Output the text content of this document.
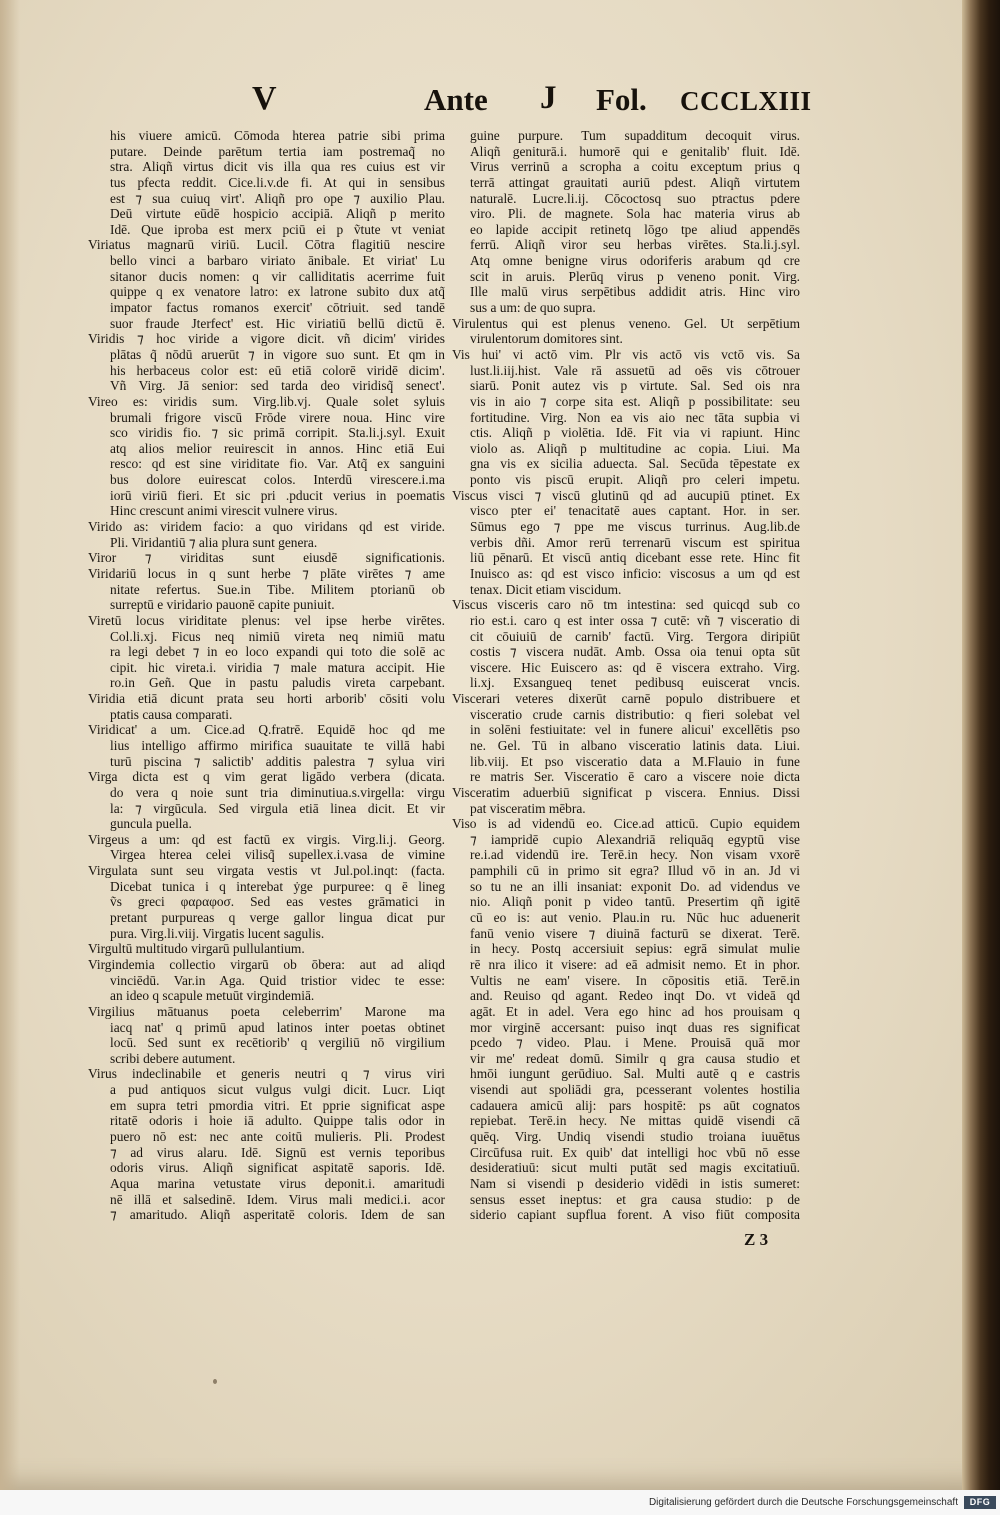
V	Ante J Fol. CCCLXIII
his viuere amicū. Cōmoda hterea patrie sibi prima
putare. Deinde parētum tertia iam postremaq̃ no
stra. Aliqñ virtus dicit vis illa qua res cuius est vir
tus pfecta reddit. Cice.li.v.de fi. At qui in sensibus
est ⁊ sua cuiuq virt'. Aliqñ pro ope ⁊ auxilio Plau.
Deū virtute eūdē hospicio accipiā. Aliqñ p merito
Idē. Que iproba est merx pciū ei p ṽtute vt veniat
Viriatus magnarū viriū. Lucil. Cōtra flagitiū nescire
bello vinci a barbaro viriato ānibale. Et viriat' Lu
sitanor ducis nomen: q vir calliditatis acerrime fuit
quippe q ex venatore latro: ex latrone subito dux atq̃
impator factus romanos exercit' cōtriuit. sed tandē
suor fraude Jterfect' est. Hic viriatiū bellū dictū ē.
Viridis ⁊ hoc viride a vigore dicit. vñ dicim' virides
plātas q̃ nōdū aruerūt ⁊ in vigore suo sunt. Et qm in
his herbaceus color est: eū etiā colorē viridē dicim'.
Vñ Virg. Jā senior: sed tarda deo viridisq̃ senect'.
Vireo es: viridis sum. Virg.lib.vj. Quale solet syluis
brumali frigore viscū Frōde virere noua. Hinc vire
sco viridis fio. ⁊ sic primā corripit. Sta.li.j.syl. Exuit
atq alios melior reuirescit in annos. Hinc etiā Eui
resco: qd est sine viriditate fio. Var. Atq̃ ex sanguini
bus dolore euirescat colos. Interdū virescere.i.ma
iorū viriū fieri. Et sic pri .pducit verius in poematis
Hinc crescunt animi virescit vulnere virus.
Virido as: viridem facio: a quo viridans qd est viride.
Pli. Viridantiū ⁊ alia plura sunt genera.
Viror ⁊ viriditas sunt eiusdē significationis.
Viridariū locus in q sunt herbe ⁊ plāte virētes ⁊ ame
nitate refertus. Sue.in Tibe. Militem ptorianū ob
surreptū e viridario pauonē capite puniuit.
Viretū locus viriditate plenus: vel ipse herbe virētes.
Col.li.xj. Ficus neq nimiū vireta neq nimiū matu
ra legi debet ⁊ in eo loco expandi qui toto die solē ac
cipit. hic vireta.i. viridia ⁊ male matura accipit. Hie
ro.in Geñ. Que in pastu paludis vireta carpebant.
Viridia etiā dicunt prata seu horti arborib' cōsiti volu
ptatis causa comparati.
Viridicat' a um. Cice.ad Q.fratrē. Equidē hoc qd me
lius intelligo affirmo mirifica suauitate te villā habi
turū piscina ⁊ salictib' additis palestra ⁊ sylua viri
Virga dicta est q vim gerat ligādo verbera (dicata.
do vera q noie sunt tria diminutiua.s.virgella: virgu
la: ⁊ virgūcula. Sed virgula etiā linea dicit. Et vir
guncula puella.
Virgeus a um: qd est factū ex virgis. Virg.li.j. Georg.
Virgea hterea celei vilisq̃ supellex.i.vasa de vimine
Virgulata sunt seu virgata vestis vt Jul.pol.inqt: (facta.
Dicebat tunica i q interebat ẏge purpuree: q ē lineg
ṽs greci φαραφοσ. Sed eas vestes grāmatici in
pretant purpureas q verge gallor lingua dicat pur
pura. Virg.li.viij. Virgatis lucent sagulis.
Virgultū multitudo virgarū pullulantium.
Virgindemia collectio virgarū ob ōbera: aut ad aliqd
vinciēdū. Var.in Aga. Quid tristior videc te esse:
an ideo q scapule metuūt virgindemiā.
Virgilius mātuanus poeta celeberrim' Marone ma
iacq nat' q primū apud latinos inter poetas obtinet
locū. Sed sunt ex recētiorib' q vergiliū nō virgilium
scribi debere autument.
Virus indeclinabile et generis neutri q ⁊ virus viri
a pud antiquos sicut vulgus vulgi dicit. Lucr. Liqt
em supra tetri pmordia vitri. Et pprie significat aspe
ritatē odoris i hoie iā adulto. Quippe talis odor in
puero nō est: nec ante coitū mulieris. Pli. Prodest
⁊ ad virus alaru. Idē. Signū est vernis teporibus
odoris virus. Aliqñ significat aspitatē saporis. Idē.
Aqua marina vetustate virus deponit.i. amaritudi
nē illā et salsedinē. Idem. Virus mali medici.i. acor
⁊ amaritudo. Aliqñ asperitatē coloris. Idem de san
guine purpure. Tum supadditum decoquit virus.
Aliqñ geniturā.i. humorē qui e genitalib' fluit. Idē.
Virus verrinū a scropha a coitu exceptum prius q
terrā attingat grauitati auriū pdest. Aliqñ virtutem
naturalē. Lucre.li.ij. Cōcoctosq suo ptractus pdere
viro. Pli. de magnete. Sola hac materia virus ab
eo lapide accipit retinetq lōgo tpe aliud appendēs
ferrū. Aliqñ viror seu herbas virētes. Sta.li.j.syl.
Atq omne benigne virus odoriferis arabum qd cre
scit in aruis. Plerūq virus p veneno ponit. Virg.
Ille malū virus serpētibus addidit atris. Hinc viro
sus a um: de quo supra.
Virulentus qui est plenus veneno. Gel. Ut serpētium
virulentorum domitores sint.
Vis hui' vi actō vim. Plr vis actō vis vctō vis. Sa
lust.li.iij.hist. Vale rā assuetū ad oēs vis cōtrouer
siarū. Ponit autez vis p virtute. Sal. Sed ois nra
vis in aio ⁊ corpe sita est. Aliqñ p possibilitate: seu
fortitudine. Virg. Non ea vis aio nec tāta supbia vi
ctis. Aliqñ p violētia. Idē. Fit via vi rapiunt. Hinc
violo as. Aliqñ p multitudine ac copia. Liui. Ma
gna vis ex sicilia aduecta. Sal. Secūda tēpestate ex
ponto vis piscū erupit. Aliqñ pro celeri impetu.
Viscus visci ⁊ viscū glutinū qd ad aucupiū ptinet. Ex
visco pter ei' tenacitatē aues captant. Hor. in ser.
Sūmus ego ⁊ ppe me viscus turrinus. Aug.lib.de
verbis dñi. Amor rerū terrenarū viscum est spiritua
liū pēnarū. Et viscū antiq dicebant esse rete. Hinc fit
Inuisco as: qd est visco inficio: viscosus a um qd est
tenax. Dicit etiam viscidum.
Viscus visceris caro nō tm intestina: sed quicqd sub co
rio est.i. caro q est inter ossa ⁊ cutē: vñ ⁊ visceratio di
cit cōuiuiū de carnib' factū. Virg. Tergora diripiūt
costis ⁊ viscera nudāt. Amb. Ossa oia tenui opta sūt
viscere. Hic Euiscero as: qd ē viscera extraho. Virg.
li.xj. Exsangueq tenet pedibusq euiscerat vncis.
Viscerari veteres dixerūt carnē populo distribuere et
visceratio crude carnis distributio: q fieri solebat vel
in solēni festiuitate: vel in funere alicui' excellētis pso
ne. Gel. Tū in albano visceratio latinis data. Liui.
lib.viij. Et pso visceratio data a M.Flauio in fune
re matris Ser. Visceratio ē caro a viscere noie dicta
Visceratim aduerbiū significat p viscera. Ennius. Dissi
pat visceratim mēbra.
Viso is ad videndū eo. Cice.ad atticū. Cupio equidem
⁊ iampridē cupio Alexandriā reliquāq egyptū vise
re.i.ad videndū ire. Terē.in hecy. Non visam vxorē
pamphili cū in primo sit egra? Illud vō in an. Jd vi
so tu ne an illi insaniat: exponit Do. ad videndus ve
nio. Aliqñ ponit p video tantū. Presertim qñ igitē
cū eo is: aut venio. Plau.in ru. Nūc huc aduenerit
fanū venio visere ⁊ diuinā facturū se dixerat. Terē.
in hecy. Postq accersiuit sepius: egrā simulat mulie
rē nra ilico it visere: ad eā admisit nemo. Et in phor.
Vultis ne eam' visere. In cōpositis etiā. Terē.in
and. Reuiso qd agant. Redeo inqt Do. vt videā qd
agāt. Et in adel. Vera ego hinc ad hos prouisam q
mor virginē accersant: puiso inqt duas res significat
pcedo ⁊ video. Plau. i Mene. Prouisā quā mor
vir me' redeat domū. Similr q gra causa studio et
hmōi iungunt gerūdiuo. Sal. Multi autē q e castris
visendi aut spoliādi gra, pcesserant volentes hostilia
cadauera amicū alij: pars hospitē: ps aūt cognatos
repiebat. Terē.in hecy. Ne mittas quidē visendi cā
quēq. Virg. Undiq visendi studio troiana iuuētus
Circūfusa ruit. Ex quib' dat intelligi hoc vbū nō esse
desideratiuū: sicut multi putāt sed magis excitatiuū.
Nam si visendi p desiderio vidēdi in istis sumeret:
sensus esset ineptus: et gra causa studio: p de
siderio capiant supflua forent. A viso fiūt composita
Z 3
Digitalisierung gefördert durch die Deutsche Forschungsgemeinschaft	DFG
